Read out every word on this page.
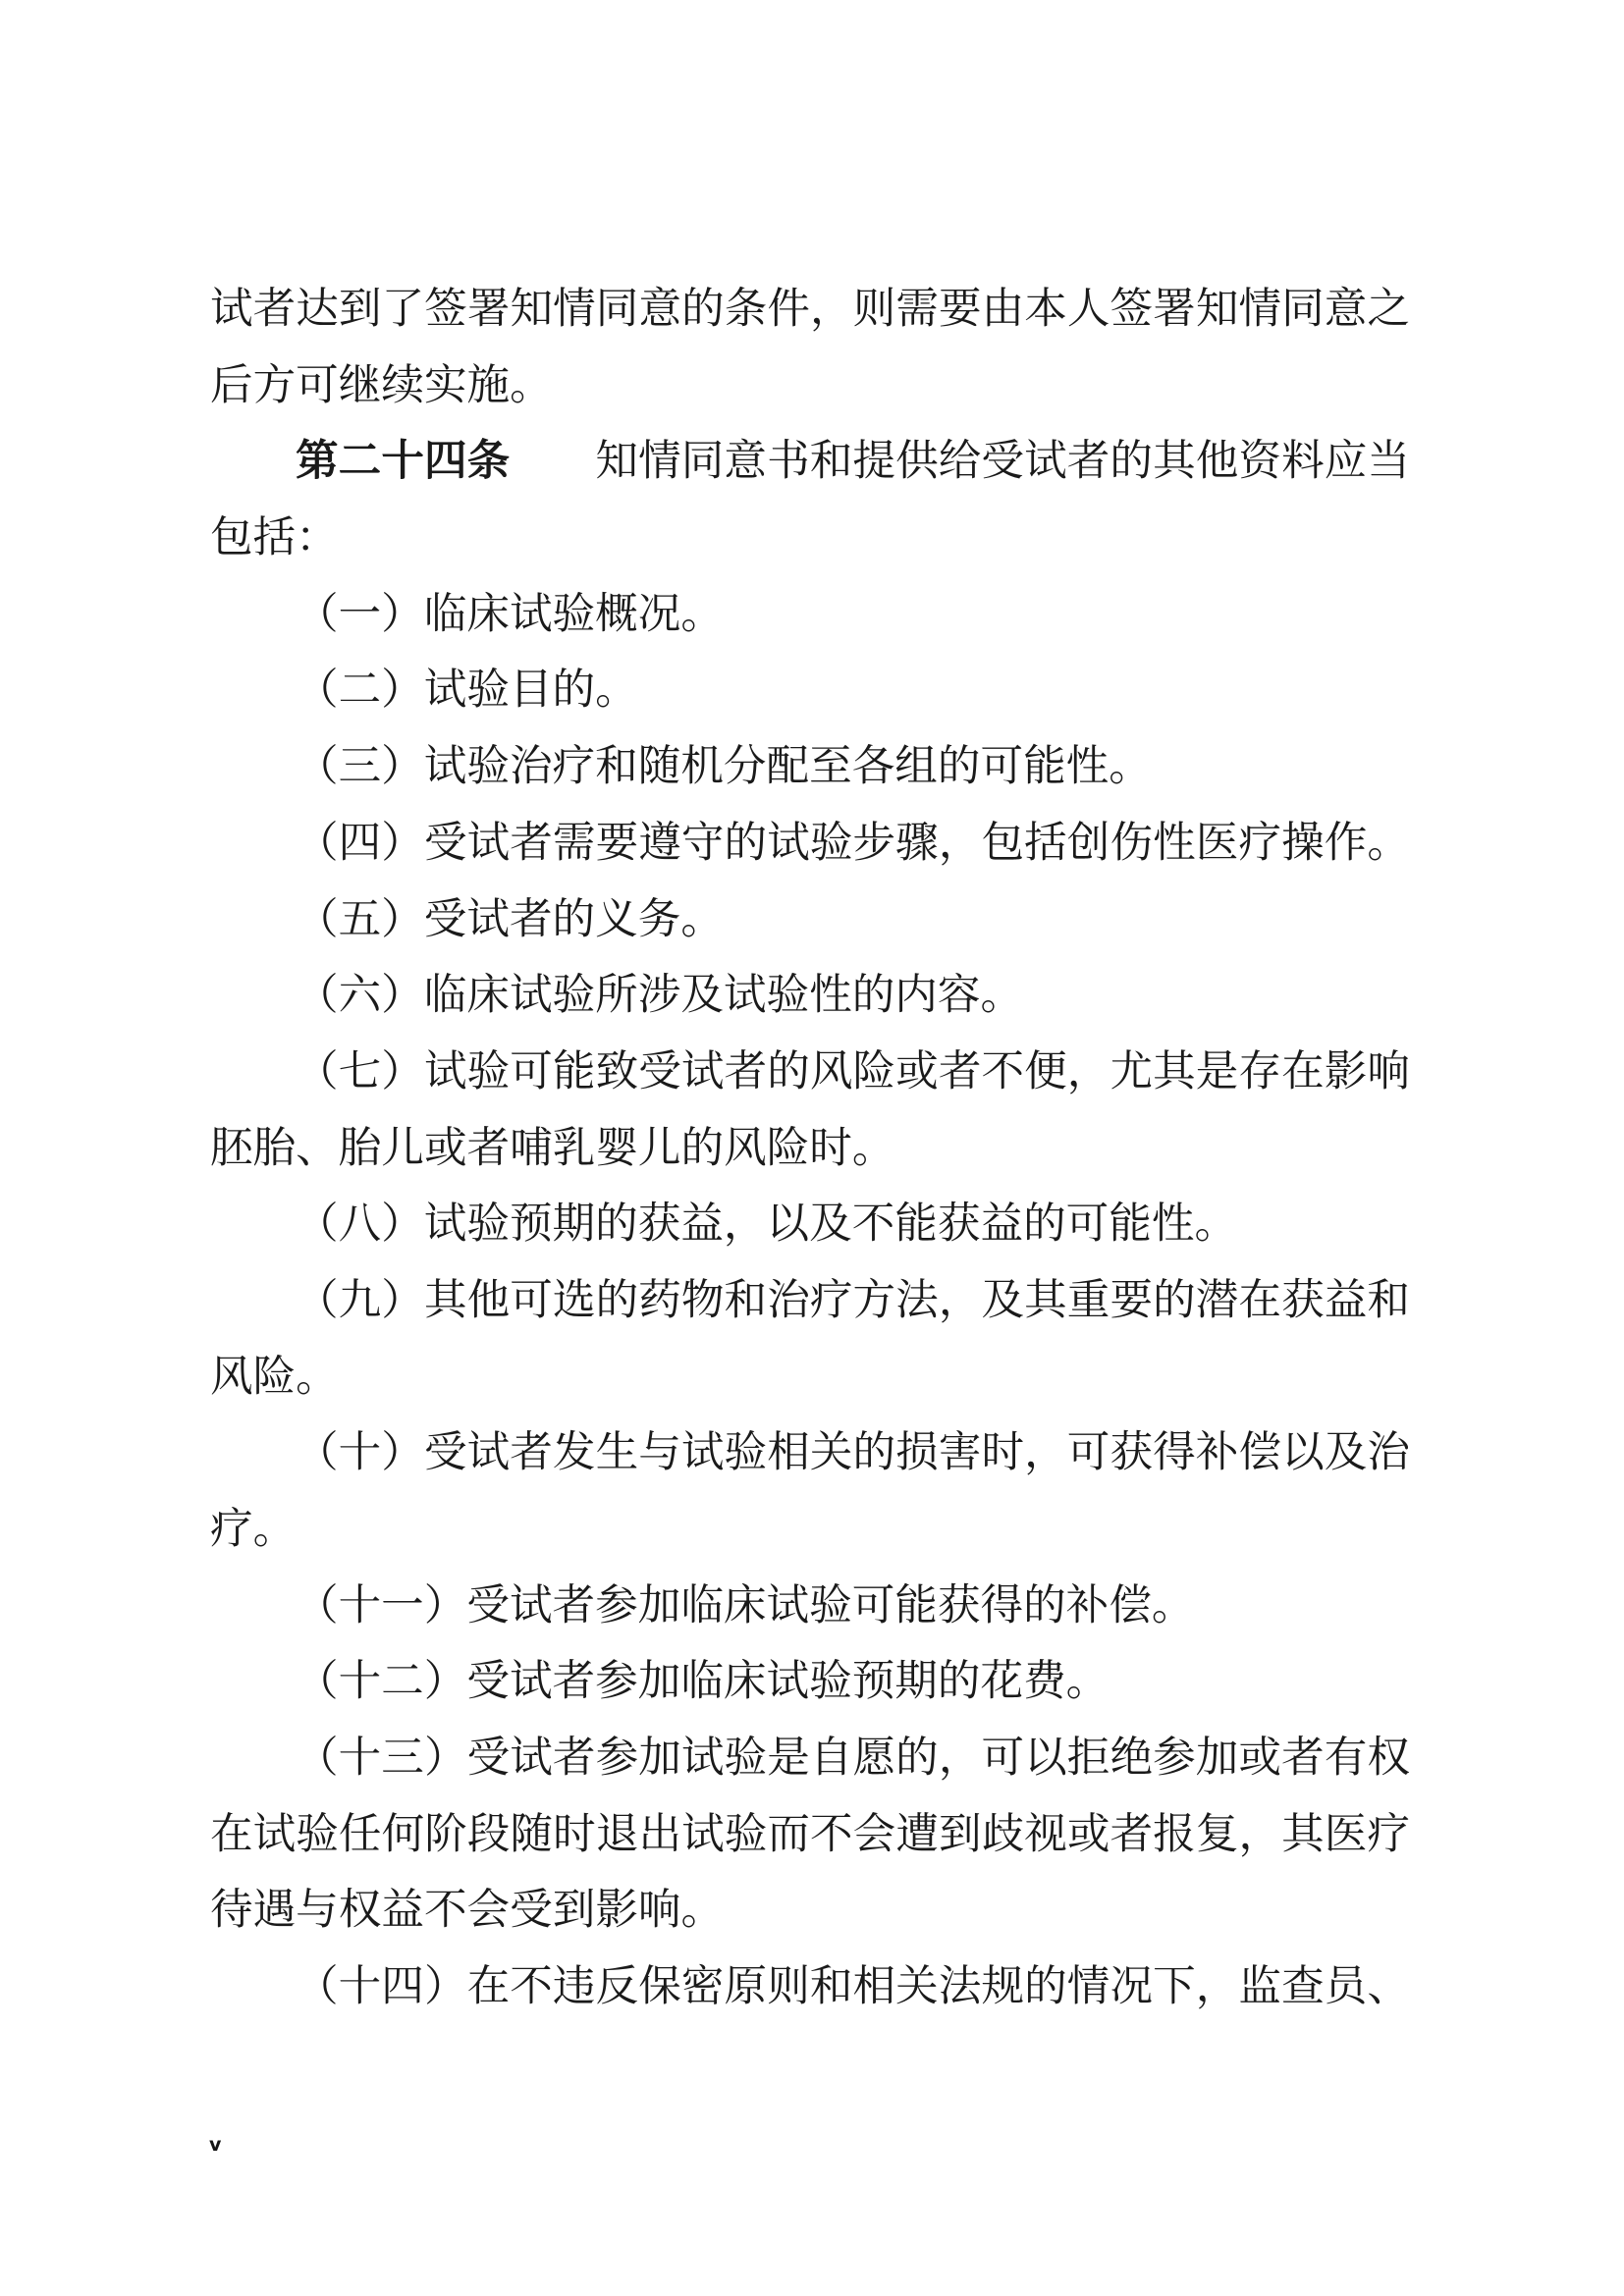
试者达到了签署知情同意的条件，则需要由本人签署知情同意之
后方可继续实施。
第二十四条 知情同意书和提供给受试者的其他资料应当
包括：
（一）临床试验概况。
（二）试验目的。
（三）试验治疗和随机分配至各组的可能性。
（四）受试者需要遵守的试验步骤，包括创伤性医疗操作。
（五）受试者的义务。
（六）临床试验所涉及试验性的内容。
（七）试验可能致受试者的风险或者不便，尤其是存在影响
胚胎、胎儿或者哺乳婴儿的风险时。
（八）试验预期的获益，以及不能获益的可能性。
（九）其他可选的药物和治疗方法，及其重要的潜在获益和
风险。
（十）受试者发生与试验相关的损害时，可获得补偿以及治
疗。
（十一）受试者参加临床试验可能获得的补偿。
（十二）受试者参加临床试验预期的花费。
（十三）受试者参加试验是自愿的，可以拒绝参加或者有权
在试验任何阶段随时退出试验而不会遭到歧视或者报复，其医疗
待遇与权益不会受到影响。
（十四）在不违反保密原则和相关法规的情况下，监查员、
v
